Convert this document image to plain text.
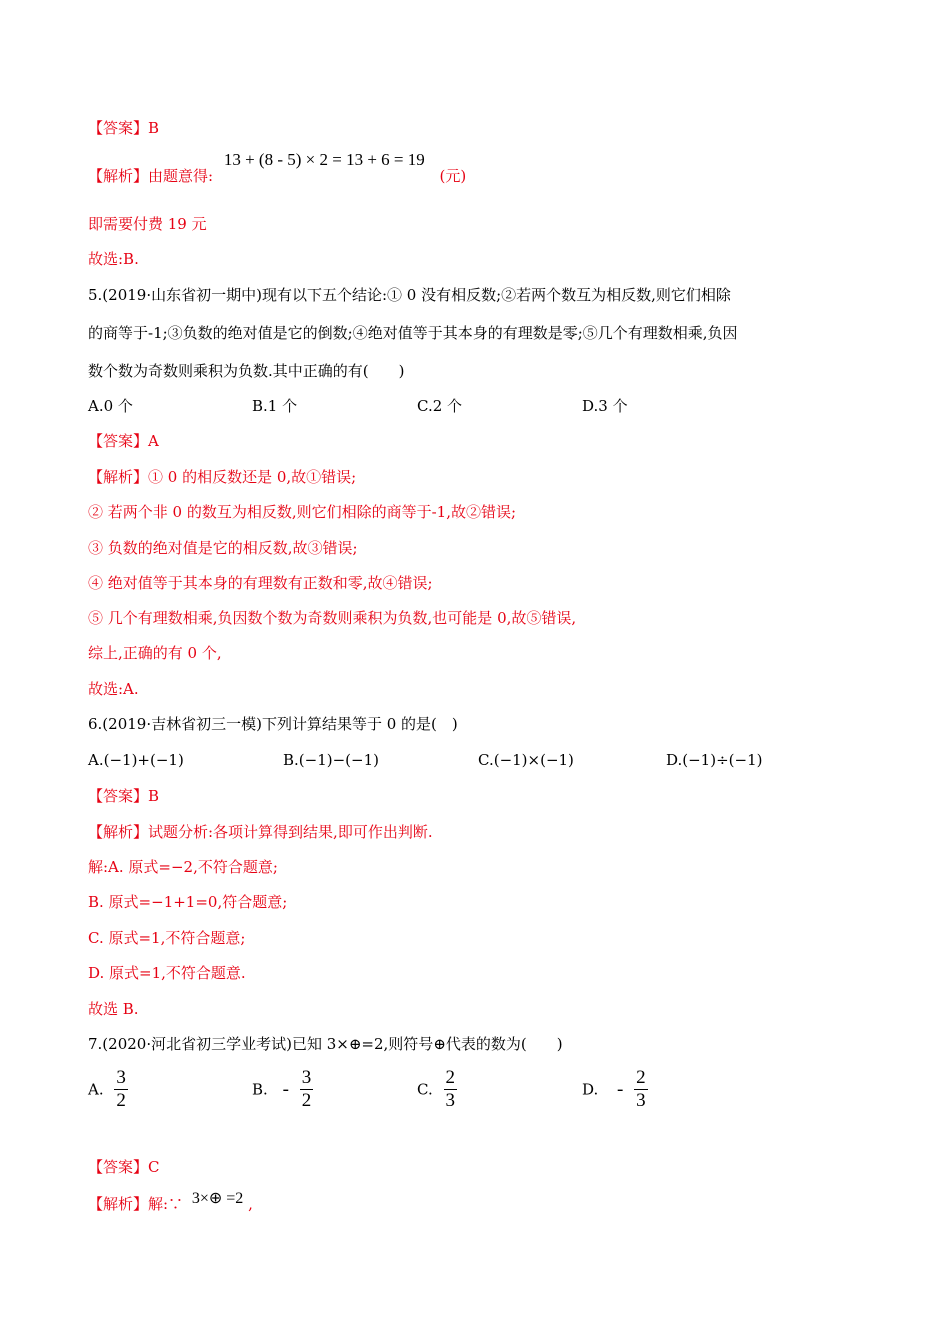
【答案】B
【解析】由题意得: 13 + (8 - 5) × 2 = 13 + 6 = 19 (元)
即需要付费 19 元
故选:B.
5.(2019·山东省初一期中)现有以下五个结论:① 0 没有相反数;②若两个数互为相反数,则它们相除
的商等于-1;③负数的绝对值是它的倒数;④绝对值等于其本身的有理数是零;⑤几个有理数相乘,负因
数个数为奇数则乘积为负数.其中正确的有(　　)
A.0 个	B.1 个	C.2 个	D.3 个
【答案】A
【解析】① 0 的相反数还是 0,故①错误;
② 若两个非 0 的数互为相反数,则它们相除的商等于-1,故②错误;
③ 负数的绝对值是它的相反数,故③错误;
④ 绝对值等于其本身的有理数有正数和零,故④错误;
⑤ 几个有理数相乘,负因数个数为奇数则乘积为负数,也可能是 0,故⑤错误,
综上,正确的有 0 个,
故选:A.
6.(2019·吉林省初三一模)下列计算结果等于 0 的是(　)
A.(−1)+(−1)	B.(−1)−(−1)	C.(−1)×(−1)	D.(−1)÷(−1)
【答案】B
【解析】试题分析:各项计算得到结果,即可作出判断.
解:A. 原式=−2,不符合题意;
B. 原式=−1+1=0,符合题意;
C. 原式=1,不符合题意;
D. 原式=1,不符合题意.
故选 B.
7.(2020·河北省初三学业考试)已知 3×⊕=2,则符号⊕代表的数为(　　)
A. $\frac{3}{2}$	B. - $\frac{3}{2}$	C. $\frac{2}{3}$	D. - $\frac{2}{3}$
【答案】C
【解析】解:∵ 3×⊕ =2 ,
